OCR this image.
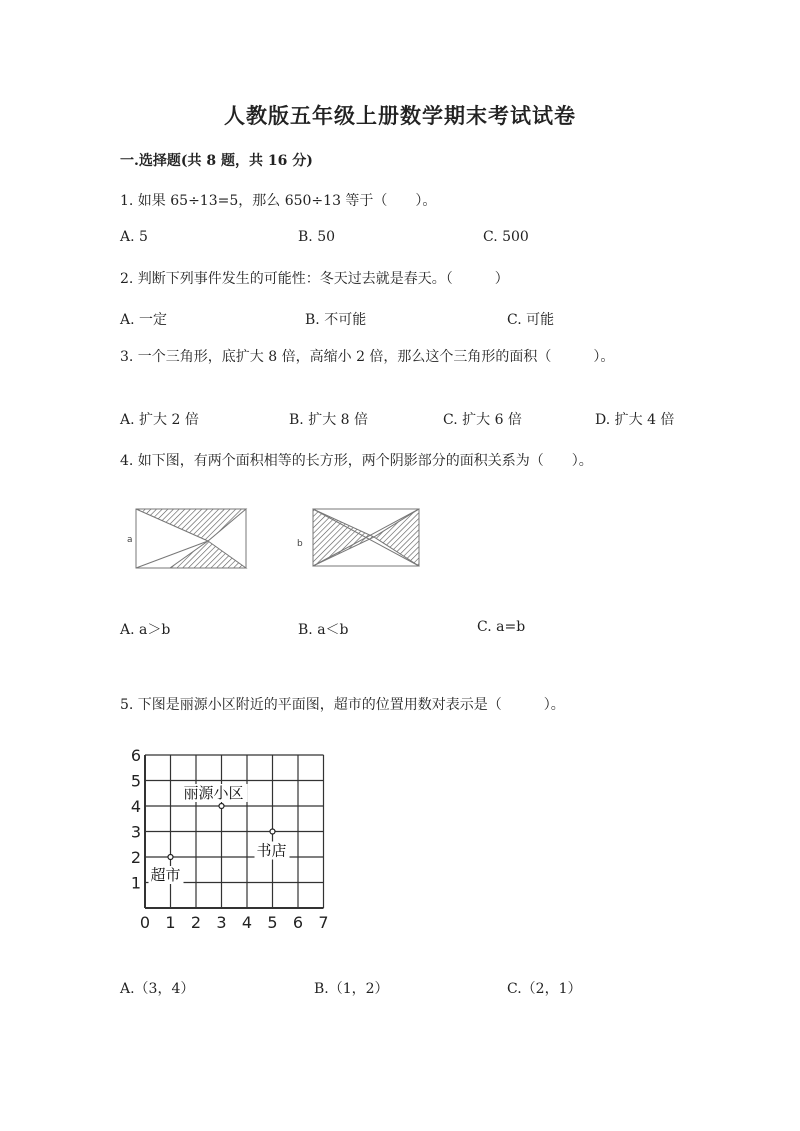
人教版五年级上册数学期末考试试卷
一.选择题(共 8 题，共 16 分)
1. 如果 65÷13=5，那么 650÷13 等于（　　）。
A. 5	B. 50	C. 500
2. 判断下列事件发生的可能性：冬天过去就是春天。（　　　）
A. 一定	B. 不可能	C. 可能
3. 一个三角形，底扩大 8 倍，高缩小 2 倍，那么这个三角形的面积（　　　）。
A. 扩大 2 倍	B. 扩大 8 倍	C. 扩大 6 倍	D. 扩大 4 倍
4. 如下图，有两个面积相等的长方形，两个阴影部分的面积关系为（　　）。
a	b
A. a＞b	B. a＜b	C. a=b
5. 下图是丽源小区附近的平面图，超市的位置用数对表示是（　　　）。
0 1 2 3 4 5 6 7
1
2
3
4
5
6
丽源小区
书店
超市
A.（3，4）	B.（1，2）	C.（2，1）
